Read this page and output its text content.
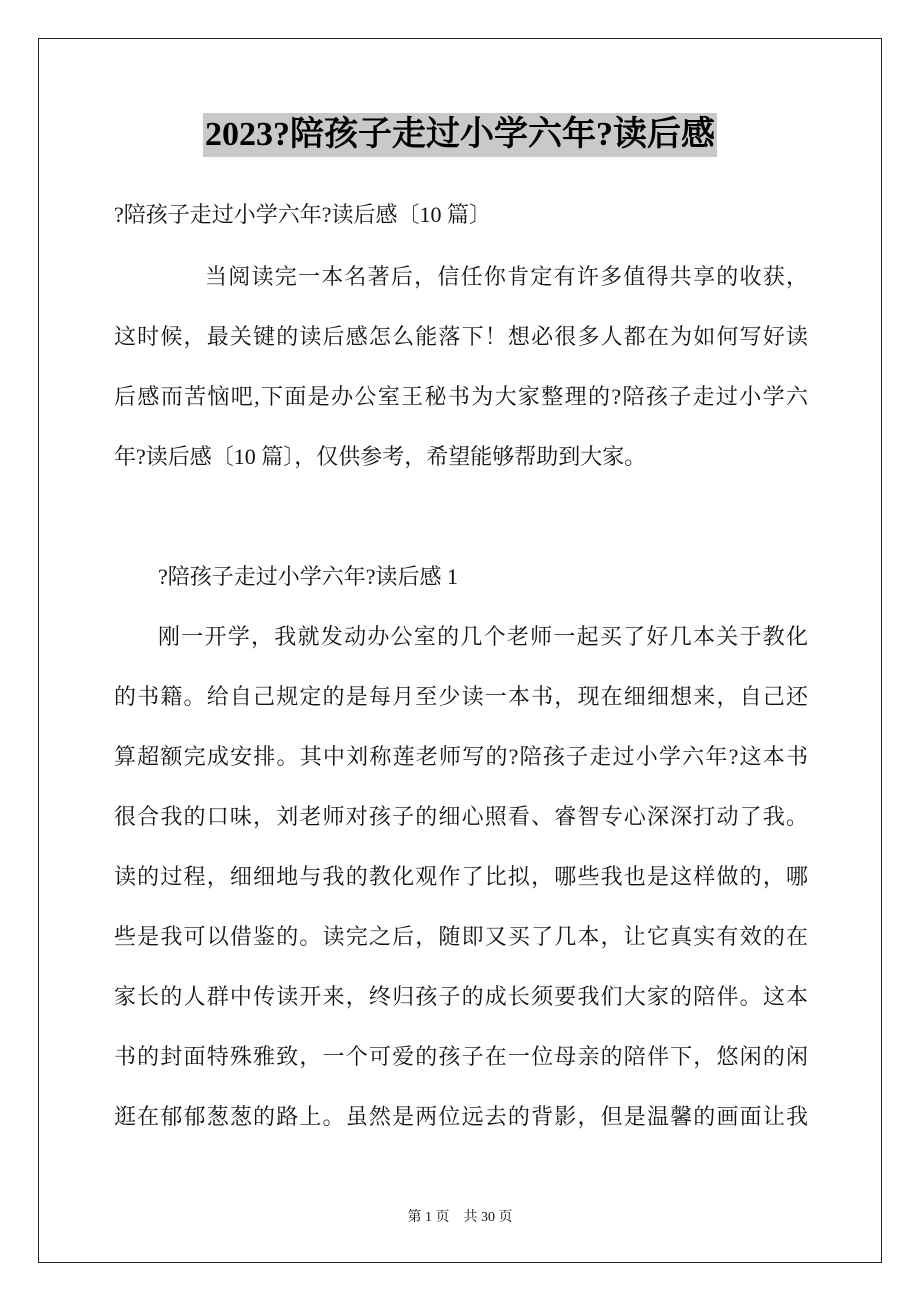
2023?陪孩子走过小学六年?读后感
?陪孩子走过小学六年?读后感〔10 篇〕
当阅读完一本名著后，信任你肯定有许多值得共享的收获，
这时候，最关键的读后感怎么能落下！想必很多人都在为如何写好读
后感而苦恼吧,下面是办公室王秘书为大家整理的?陪孩子走过小学六
年?读后感〔10 篇〕，仅供参考，希望能够帮助到大家。
?陪孩子走过小学六年?读后感 1
刚一开学，我就发动办公室的几个老师一起买了好几本关于教化
的书籍。给自己规定的是每月至少读一本书，现在细细想来，自己还
算超额完成安排。其中刘称莲老师写的?陪孩子走过小学六年?这本书
很合我的口味，刘老师对孩子的细心照看、睿智专心深深打动了我。
读的过程，细细地与我的教化观作了比拟，哪些我也是这样做的，哪
些是我可以借鉴的。读完之后，随即又买了几本，让它真实有效的在
家长的人群中传读开来，终归孩子的成长须要我们大家的陪伴。这本
书的封面特殊雅致，一个可爱的孩子在一位母亲的陪伴下，悠闲的闲
逛在郁郁葱葱的路上。虽然是两位远去的背影，但是温馨的画面让我
第 1 页　共 30 页
